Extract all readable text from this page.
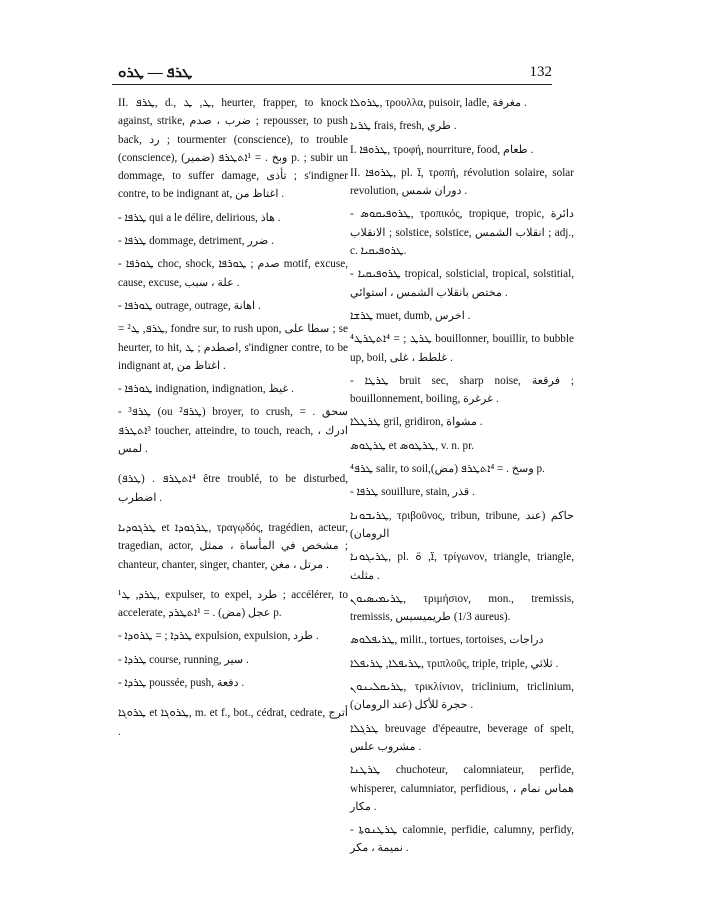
ܛܪܦ — ܛܪܘ	132

II. ܛܪܦ, d., ܛ, ܛ, heurter, frapper, to knock against, strike, ضرب ، صدم ; repousser, to push back, رد ; tourmenter (conscience), to trouble (conscience), (ضمير) وبخ . = ¹ܐܬܛܪܦ p. ; subir un dommage, to suffer damage, تأذى ; s'indigner contre, to be indignant at, اغتاظ من .

- ܛܪܦܐ qui a le délire, delirious, هاذ .

- ܛܪܦܐ dommage, detriment, ضرر .

- ܛܘܪܦܐ choc, shock, صدم ; ܛܘܪܦܐ motif, excuse, cause, excuse, علة ، سبب .

- ܛܘܪܦܐ outrage, outrage, اهانة .

= ²ܛܪܦ, ܛ, fondre sur, to rush upon, سطا على ; se heurter, to hit, اصطدم ; ܛ, s'indigner contre, to be indignant at, اغتاظ من .

- ܛܘܪܦܐ indignation, indignation, غيظ .

- ³ܛܪܦ (ou ²ܛܪܦ) broyer, to crush, سحق . = ³ܐܬܛܪܦ toucher, atteindre, to touch, reach, ادرك ، لمس .

(ܛܪܦ) . ⁴ܐܬܛܪܦ être troublé, to be disturbed, اضطرب .

ܛܪܓܘܕܝܐ et ܛܪܓܘܕܐ, τραγῳδός, tragédien, acteur, tragedian, actor, مشخص في المأساة ، ممثل ; chanteur, chanter, singer, chanter, مرتل ، مغن .

¹ܛܪܕ, ܛ, expulser, to expel, طرد ; accélérer, to accelerate, عجل (مض) . = ¹ܐܬܛܪܕ p.

- ܛܪܕܐ ; = ܛܪܘܕܐ expulsion, expulsion, طرد .

- ܛܪܕܐ course, running, سير .

- ܛܪܕܐ poussée, push, دفعة .

ܛܪܘܓܐ et ܛܪܘܓܐ, m. et f., bot., cédrat, cedrate, أترج .

ܛܪܘܠܐ, τρουλλα, puisoir, ladle, مغرفة .

ܛܪܝܐ frais, fresh, طري .

I. ܛܪܘܦܐ, τροφή, nourriture, food, طعام .

II. ܛܪܘܦܐ, pl. ܐ̈, τροπή, révolution solaire, solar revolution, دوران شمس .

- ܛܪܘܦܝܩܘܣ, τροπικός, tropique, tropic, دائرة الانقلاب ; solstice, solstice, انقلاب الشمس ; adj., c. ܛܪܘܦܝܩܝܐ.

- ܛܪܘܦܝܩܝܐ tropical, solsticial, tropical, solstitial, مختص بانقلاب الشمس ، استوائي .

ܛܪܫܐ muet, dumb, اخرس .

⁴ܛܪܛ ; = ⁴ܐܬܛܪܛ bouillonner, bouillir, to bubble up, boil, غلطط ، غلى .

- ܛܪܛܐ bruit sec, sharp noise, فرقعة ; bouillonnement, boiling, غرغرة .

ܛܪܛܠܐ gril, gridiron, مشواة .

ܛܪܛܘܣ et ܛܪܛܘܣ, v. n. pr.

⁴ܛܪܦ salir, to soil,(مض) وسخ . = ⁴ܐܬܛܪܦ p.

- ܛܪܦܐ souillure, stain, قذر .

ܛܪܝܒܘܢܐ, τριβοῦνος, tribun, tribune, حاكم (عند الرومان)

ܛܪܝܓܘܢܐ, pl. ܐ̈, ܘ̈, τρίγωνον, triangle, triangle, مثلث .

ܛܪܝܡܝܣܝܘܢ, τριμήσιον, mon., tremissis, tremissis, طريميسيس (1/3 aureus).

ܛܪܝܦܠܘܣ, milit., tortues, tortoises, دراجات

ܛܪܝܦܠܐ, ܛܪܝܦܠܐ, τριπλοῦς, triple, triple, ثلاثي .

ܛܪܝܩܠܝܢܘܢ, τρικλίνιον, triclinium, triclinium, حجرة للأكل (عند الرومان) .

ܛܪܓܠܐ breuvage d'épeautre, beverage of spelt, مشروب علس .

ܛܪܛܢܐ chuchoteur, calomniateur, perfide, whisperer, calumniator, perfidious, هماس نمام ، مكار .

- ܛܪܛܢܘܬܐ calomnie, perfidie, calumny, perfidy, نميمة ، مكر .
